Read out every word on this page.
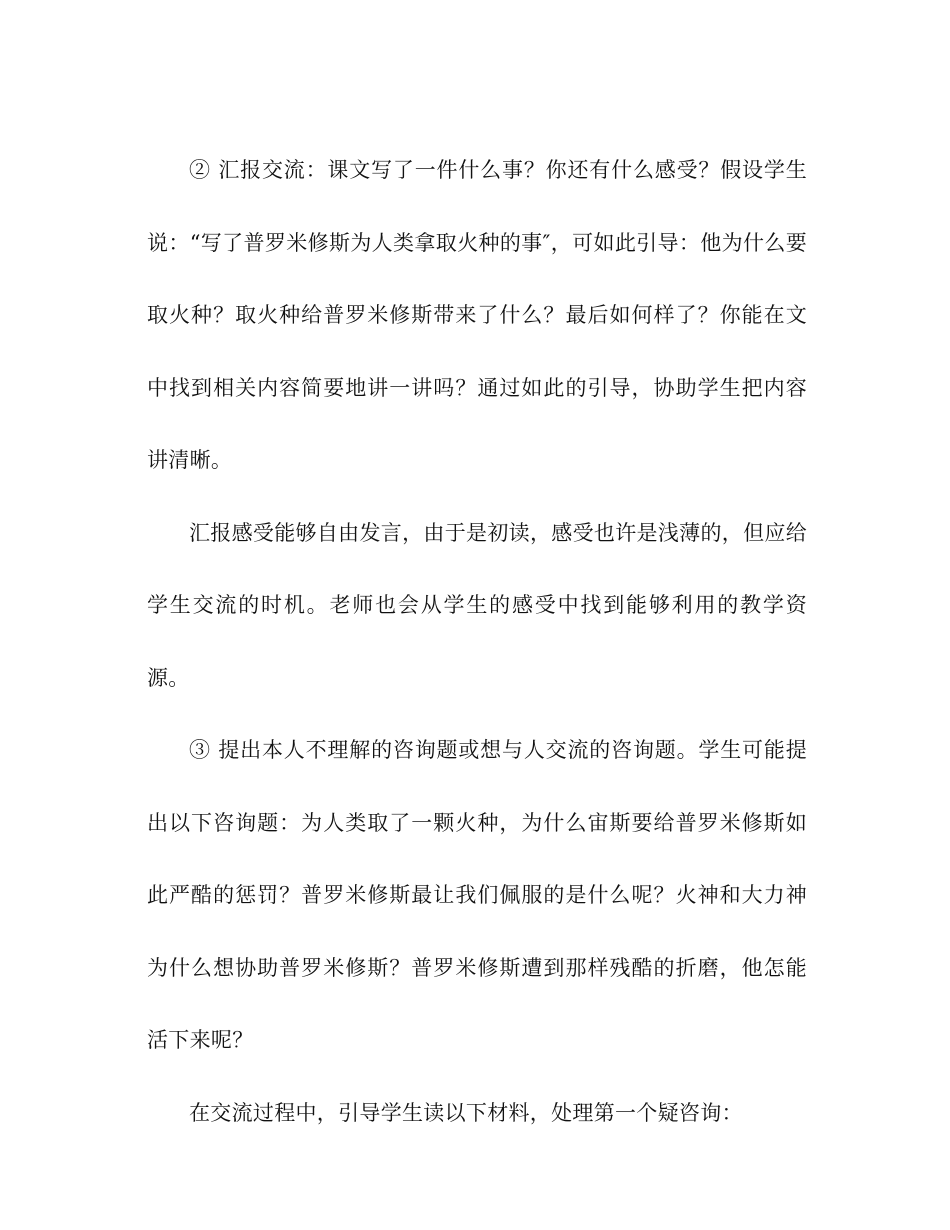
② 汇报交流：课文写了一件什么事？你还有什么感受？假设学生说：“写了普罗米修斯为人类拿取火种的事″，可如此引导：他为什么要取火种？取火种给普罗米修斯带来了什么？最后如何样了？你能在文中找到相关内容简要地讲一讲吗？通过如此的引导，协助学生把内容讲清晰。

汇报感受能够自由发言，由于是初读，感受也许是浅薄的，但应给学生交流的时机。老师也会从学生的感受中找到能够利用的教学资源。

③ 提出本人不理解的咨询题或想与人交流的咨询题。学生可能提出以下咨询题：为人类取了一颗火种，为什么宙斯要给普罗米修斯如此严酷的惩罚？普罗米修斯最让我们佩服的是什么呢？火神和大力神为什么想协助普罗米修斯？普罗米修斯遭到那样残酷的折磨，他怎能活下来呢？

在交流过程中，引导学生读以下材料，处理第一个疑咨询：
